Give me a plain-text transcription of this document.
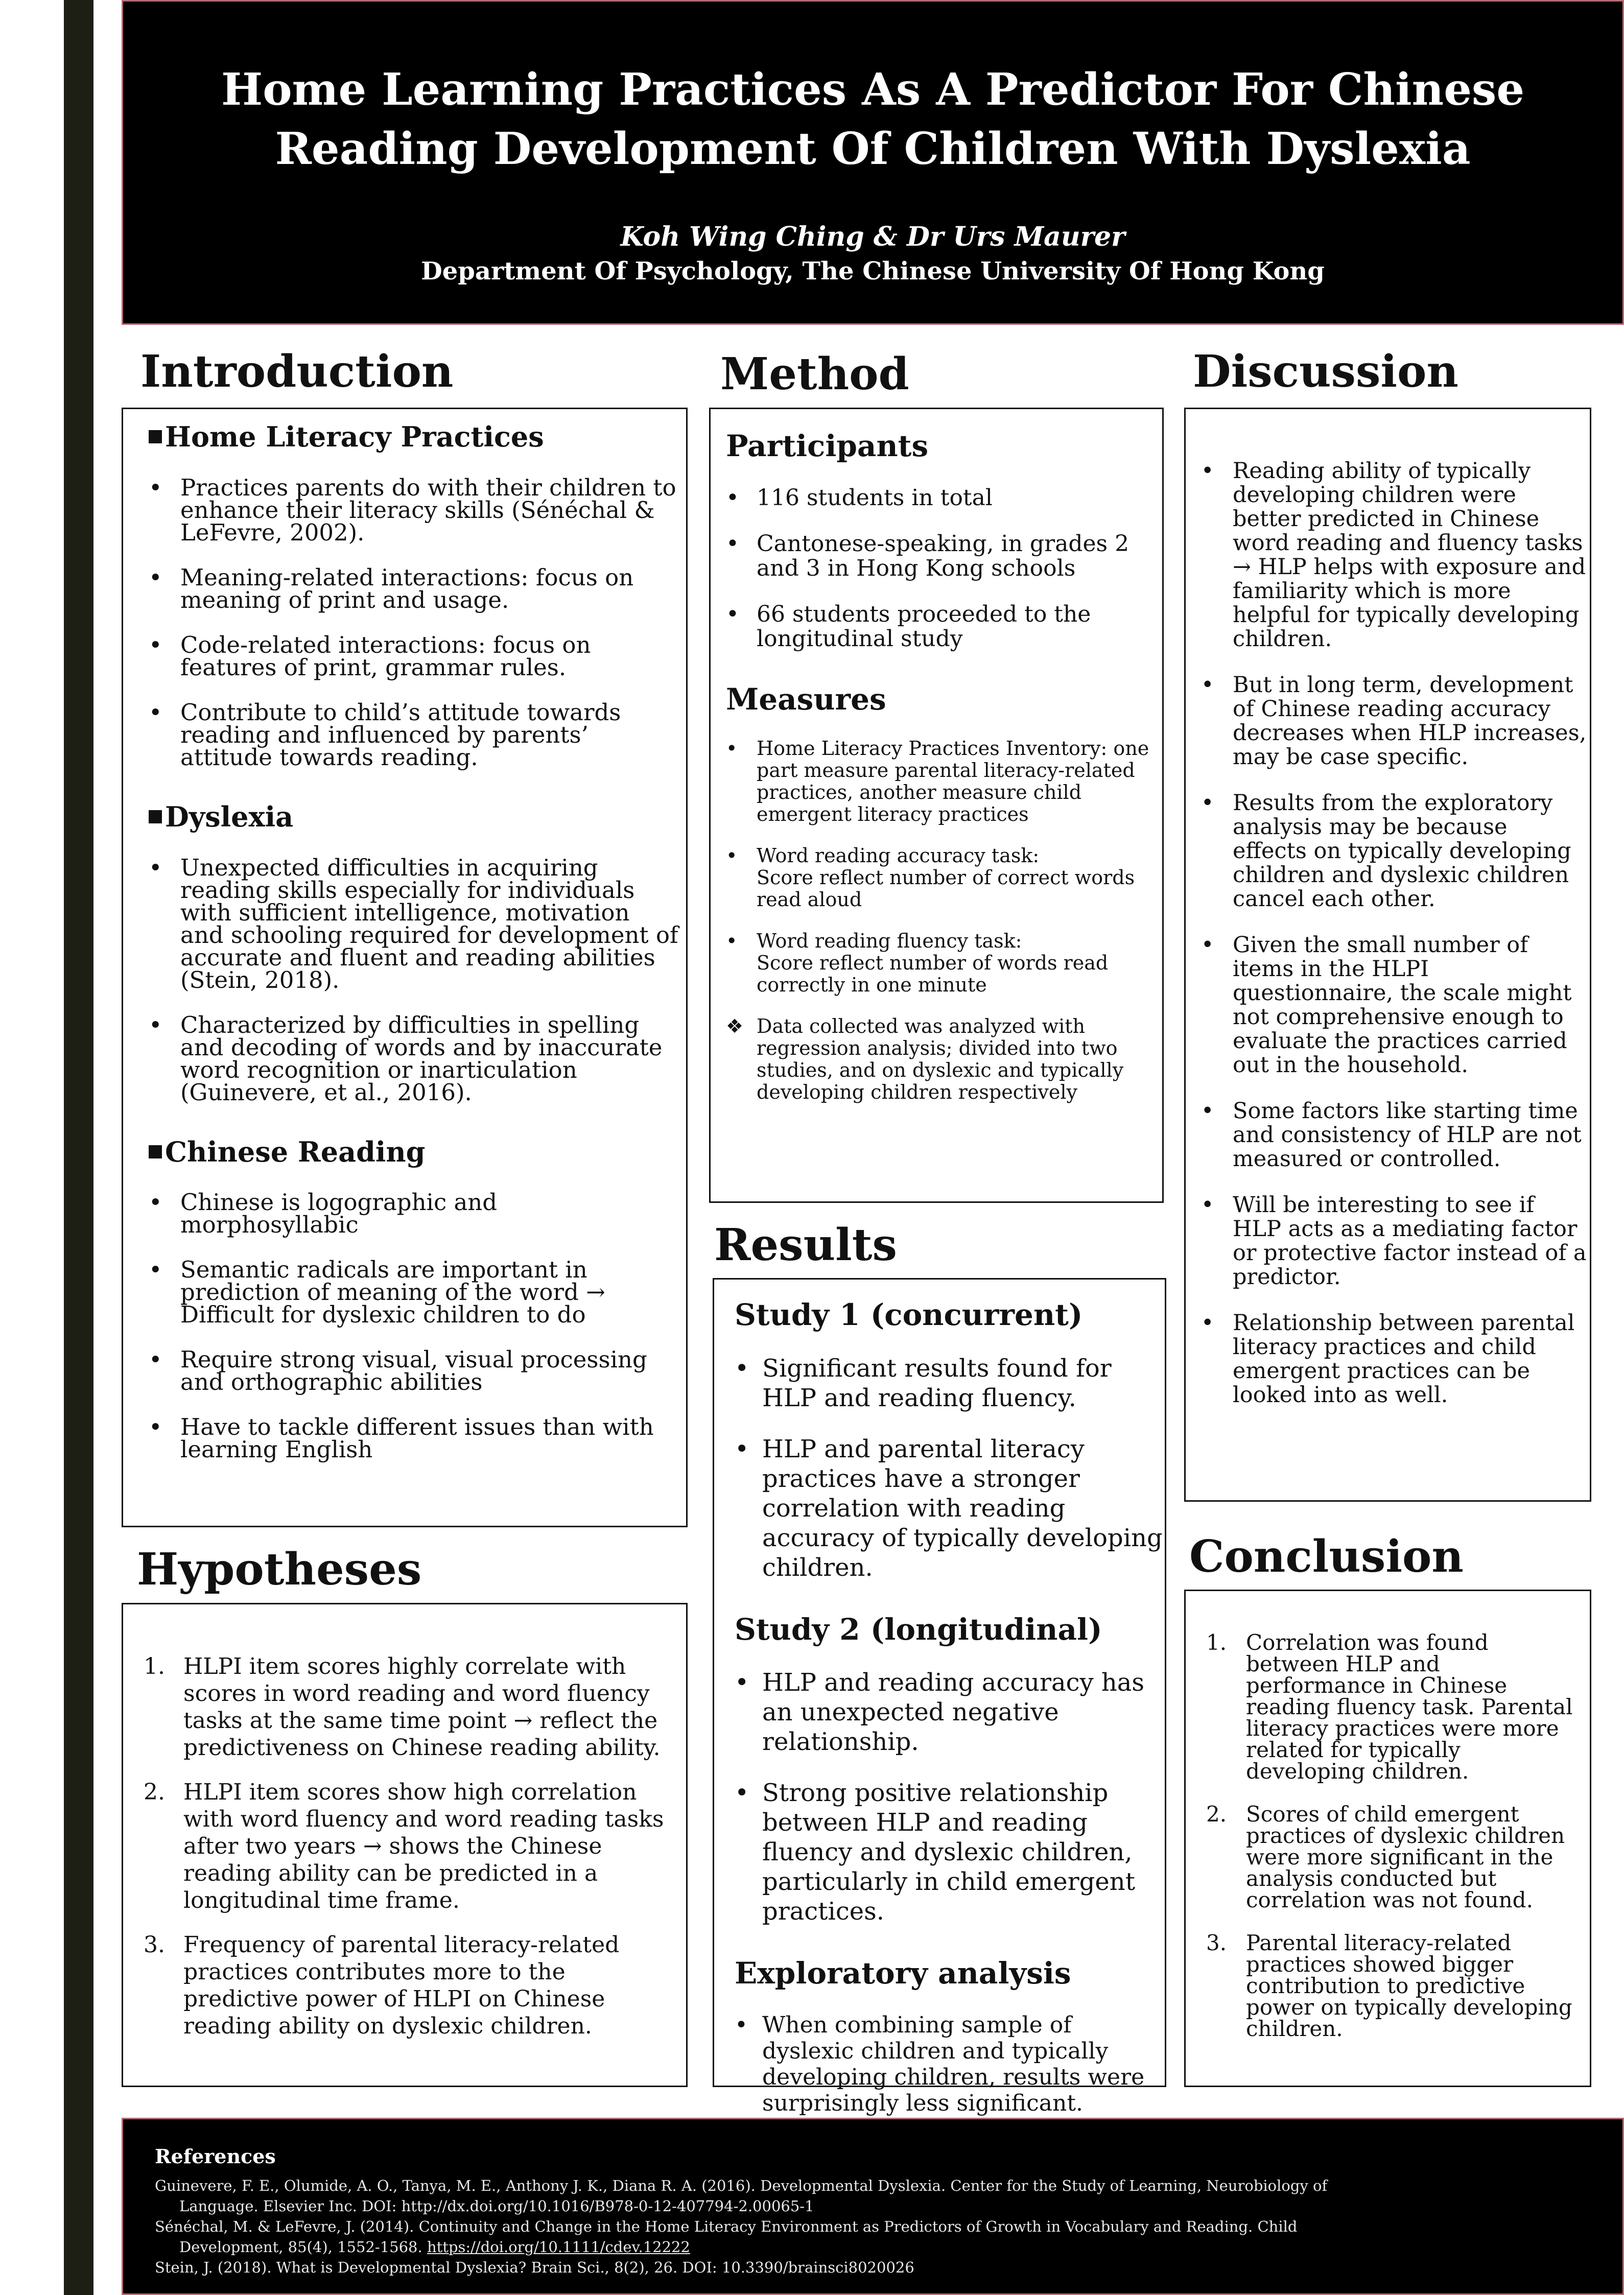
Home Learning Practices As A Predictor For Chinese
Reading Development Of Children With Dyslexia
Koh Wing Ching & Dr Urs Maurer
Department Of Psychology, The Chinese University Of Hong Kong
Introduction
Home Literacy Practices
• Practices parents do with their children to enhance their literacy skills (Sénéchal & LeFevre, 2002).
• Meaning-related interactions: focus on meaning of print and usage.
• Code-related interactions: focus on features of print, grammar rules.
• Contribute to child’s attitude towards reading and influenced by parents’ attitude towards reading.
Dyslexia
• Unexpected difficulties in acquiring reading skills especially for individuals with sufficient intelligence, motivation and schooling required for development of accurate and fluent and reading abilities (Stein, 2018).
• Characterized by difficulties in spelling and decoding of words and by inaccurate word recognition or inarticulation (Guinevere, et al., 2016).
Chinese Reading
• Chinese is logographic and morphosyllabic
• Semantic radicals are important in prediction of meaning of the word → Difficult for dyslexic children to do
• Require strong visual, visual processing and orthographic abilities
• Have to tackle different issues than with learning English
Hypotheses
1. HLPI item scores highly correlate with scores in word reading and word fluency tasks at the same time point → reflect the predictiveness on Chinese reading ability.
2. HLPI item scores show high correlation with word fluency and word reading tasks after two years → shows the Chinese reading ability can be predicted in a longitudinal time frame.
3. Frequency of parental literacy-related practices contributes more to the predictive power of HLPI on Chinese reading ability on dyslexic children.
Method
Participants
• 116 students in total
• Cantonese-speaking, in grades 2 and 3 in Hong Kong schools
• 66 students proceeded to the longitudinal study
Measures
• Home Literacy Practices Inventory: one part measure parental literacy-related practices, another measure child emergent literacy practices
• Word reading accuracy task:
Score reflect number of correct words read aloud
• Word reading fluency task:
Score reflect number of words read correctly in one minute
❖ Data collected was analyzed with regression analysis; divided into two studies, and on dyslexic and typically developing children respectively
Results
Study 1 (concurrent)
• Significant results found for HLP and reading fluency.
• HLP and parental literacy practices have a stronger correlation with reading accuracy of typically developing children.
Study 2 (longitudinal)
• HLP and reading accuracy has an unexpected negative relationship.
• Strong positive relationship between HLP and reading fluency and dyslexic children, particularly in child emergent practices.
Exploratory analysis
• When combining sample of dyslexic children and typically developing children, results were surprisingly less significant.
Discussion
• Reading ability of typically developing children were better predicted in Chinese word reading and fluency tasks → HLP helps with exposure and familiarity which is more helpful for typically developing children.
• But in long term, development of Chinese reading accuracy decreases when HLP increases, may be case specific.
• Results from the exploratory analysis may be because effects on typically developing children and dyslexic children cancel each other.
• Given the small number of items in the HLPI questionnaire, the scale might not comprehensive enough to evaluate the practices carried out in the household.
• Some factors like starting time and consistency of HLP are not measured or controlled.
• Will be interesting to see if HLP acts as a mediating factor or protective factor instead of a predictor.
• Relationship between parental literacy practices and child emergent practices can be looked into as well.
Conclusion
1. Correlation was found between HLP and performance in Chinese reading fluency task. Parental literacy practices were more related for typically developing children.
2. Scores of child emergent practices of dyslexic children were more significant in the analysis conducted but correlation was not found.
3. Parental literacy-related practices showed bigger contribution to predictive power on typically developing children.
References
Guinevere, F. E., Olumide, A. O., Tanya, M. E., Anthony J. K., Diana R. A. (2016). Developmental Dyslexia. Center for the Study of Learning, Neurobiology of Language. Elsevier Inc. DOI: http://dx.doi.org/10.1016/B978-0-12-407794-2.00065-1
Sénéchal, M. & LeFevre, J. (2014). Continuity and Change in the Home Literacy Environment as Predictors of Growth in Vocabulary and Reading. Child Development, 85(4), 1552-1568. https://doi.org/10.1111/cdev.12222
Stein, J. (2018). What is Developmental Dyslexia? Brain Sci., 8(2), 26. DOI: 10.3390/brainsci8020026
